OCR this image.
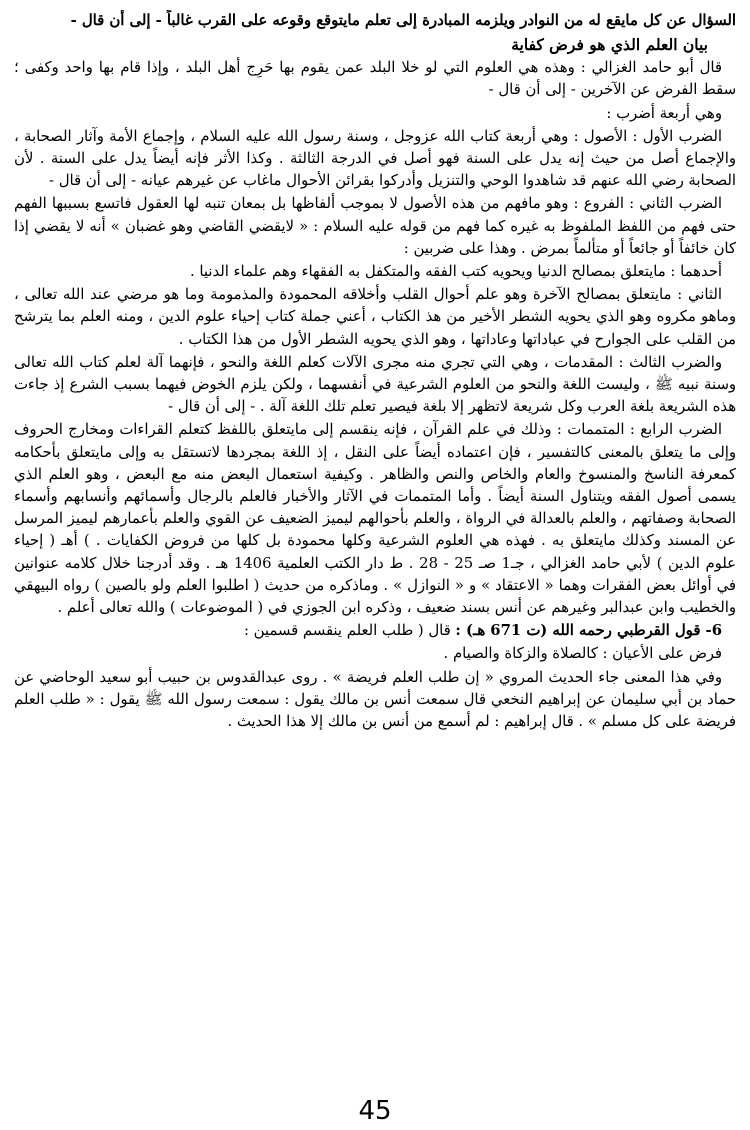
السؤال عن كل مايقع له من النوادر ويلزمه المبادرة إلى تعلم مايتوقع وقوعه على القرب غالباً - إلى أن قال -

بيان العلم الذي هو فرض كفاية

قال أبو حامد الغزالي : وهذه هي العلوم التي لو خلا البلد عمن يقوم بها حَرِج أهل البلد ، وإذا قام بها واحد وكفى ؛ سقط الفرض عن الآخرين - إلى أن قال -

وهي أربعة أضرب :

الضرب الأول : الأصول : وهي أربعة كتاب الله عزوجل ، وسنة رسول الله عليه السلام ، وإجماع الأمة وآثار الصحابة ، والإجماع أصل من حيث إنه يدل على السنة فهو أصل في الدرجة الثالثة . وكذا الأثر فإنه أيضاً يدل على السنة . لأن الصحابة رضي الله عنهم قد شاهدوا الوحي والتنزيل وأدركوا بقرائن الأحوال ماغاب عن غيرهم عيانه - إلى أن قال -

الضرب الثاني : الفروع : وهو مافهم من هذه الأصول لا بموجب ألفاظها بل بمعان تنبه لها العقول فاتسع بسببها الفهم حتى فهم من اللفظ الملفوظ به غيره كما فهم من قوله عليه السلام : « لايقضي القاضي وهو غضبان » أنه لا يقضي إذا كان خائفاً أو جائعاً أو متألماً بمرض . وهذا على ضربين :

أحدهما : مايتعلق بمصالح الدنيا ويحويه كتب الفقه والمتكفل به الفقهاء وهم علماء الدنيا .

الثاني : مايتعلق بمصالح الآخرة وهو علم أحوال القلب وأخلاقه المحمودة والمذمومة وما هو مرضي عند الله تعالى ، وماهو مكروه وهو الذي يحويه الشطر الأخير من هذ الكتاب ، أعني جملة كتاب إحياء علوم الدين ، ومنه العلم بما يترشح من القلب على الجوارح في عباداتها وعاداتها ، وهو الذي يحويه الشطر الأول من هذا الكتاب .

والضرب الثالث : المقدمات ، وهي التي تجري منه مجرى الآلات كعلم اللغة والنحو ، فإنهما آلة لعلم كتاب الله تعالى وسنة نبيه ﷺ ، وليست اللغة والنحو من العلوم الشرعية في أنفسهما ، ولكن يلزم الخوض فيهما بسبب الشرع إذ جاءت هذه الشريعة بلغة العرب وكل شريعة لاتظهر إلا بلغة فيصير تعلم تلك اللغة آلة . - إلى أن قال -

الضرب الرابع : المتممات : وذلك في علم القرآن ، فإنه ينقسم إلى مايتعلق باللفظ كتعلم القراءات ومخارج الحروف وإلى ما يتعلق بالمعنى كالتفسير ، فإن اعتماده أيضاً على النقل ، إذ اللغة بمجردها لاتستقل به وإلى مايتعلق بأحكامه كمعرفة الناسخ والمنسوخ والعام والخاص والنص والظاهر . وكيفية استعمال البعض منه مع البعض ، وهو العلم الذي يسمى أصول الفقه ويتناول السنة أيضاً . وأما المتممات في الآثار والأخبار فالعلم بالرجال وأسمائهم وأنسابهم وأسماء الصحابة وصفاتهم ، والعلم بالعدالة في الرواة ، والعلم بأحوالهم ليميز الضعيف عن القوي والعلم بأعمارهم ليميز المرسل عن المسند وكذلك مايتعلق به . فهذه هي العلوم الشرعية وكلها محمودة بل كلها من فروض الكفايات . ) أهـ ( إحياء علوم الدين ) لأبي حامد الغزالي ، جـ1 صـ 25 - 28 . ط دار الكتب العلمية 1406 هـ . وقد أدرجنا خلال كلامه عنوانين في أوائل بعض الفقرات وهما « الاعتقاد » و « النوازل » . وماذكره من حديث ( اطلبوا العلم ولو بالصين ) رواه البيهقي والخطيب وابن عبدالبر وغيرهم عن أنس بسند ضعيف ، وذكره ابن الجوزي في ( الموضوعات ) والله تعالى أعلم .

6- قول القرطبي رحمه الله (ت 671 هـ) : قال ( طلب العلم ينقسم قسمين :

فرض على الأعيان : كالصلاة والزكاة والصيام .

وفي هذا المعنى جاء الحديث المروي « إن طلب العلم فريضة » . روى عبدالقدوس بن حبيب أبو سعيد الوحاضي عن حماد بن أبي سليمان عن إبراهيم النخعي قال سمعت أنس بن مالك يقول : سمعت رسول الله ﷺ يقول : « طلب العلم فريضة على كل مسلم » . قال إبراهيم : لم أسمع من أنس بن مالك إلا هذا الحديث .

45
